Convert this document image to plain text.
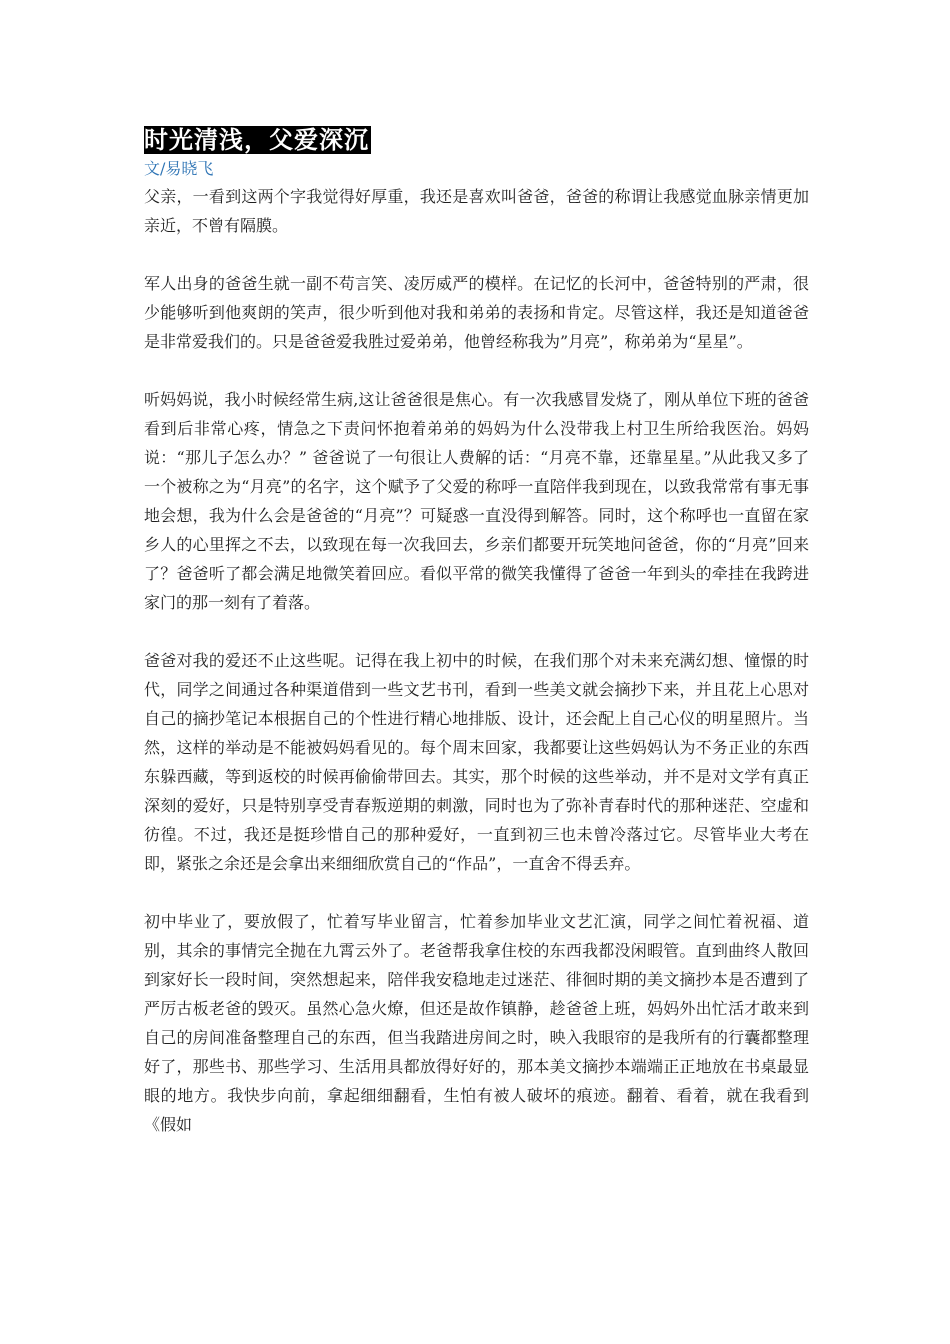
时光清浅，父爱深沉
文/易晓飞

父亲，一看到这两个字我觉得好厚重，我还是喜欢叫爸爸，爸爸的称谓让我感觉血脉亲情更加亲近，不曾有隔膜。

军人出身的爸爸生就一副不苟言笑、凌厉威严的模样。在记忆的长河中，爸爸特别的严肃，很少能够听到他爽朗的笑声，很少听到他对我和弟弟的表扬和肯定。尽管这样，我还是知道爸爸是非常爱我们的。只是爸爸爱我胜过爱弟弟，他曾经称我为”月亮”，称弟弟为“星星”。

听妈妈说，我小时候经常生病,这让爸爸很是焦心。有一次我感冒发烧了，刚从单位下班的爸爸看到后非常心疼，情急之下责问怀抱着弟弟的妈妈为什么没带我上村卫生所给我医治。妈妈说：“那儿子怎么办？” 爸爸说了一句很让人费解的话：“月亮不靠，还靠星星。”从此我又多了一个被称之为“月亮”的名字，这个赋予了父爱的称呼一直陪伴我到现在，以致我常常有事无事地会想，我为什么会是爸爸的“月亮”？可疑惑一直没得到解答。同时，这个称呼也一直留在家乡人的心里挥之不去，以致现在每一次我回去，乡亲们都要开玩笑地问爸爸，你的“月亮”回来了？爸爸听了都会满足地微笑着回应。看似平常的微笑我懂得了爸爸一年到头的牵挂在我跨进家门的那一刻有了着落。

爸爸对我的爱还不止这些呢。记得在我上初中的时候，在我们那个对未来充满幻想、憧憬的时代，同学之间通过各种渠道借到一些文艺书刊，看到一些美文就会摘抄下来，并且花上心思对自己的摘抄笔记本根据自己的个性进行精心地排版、设计，还会配上自己心仪的明星照片。当然，这样的举动是不能被妈妈看见的。每个周末回家，我都要让这些妈妈认为不务正业的东西东躲西藏，等到返校的时候再偷偷带回去。其实，那个时候的这些举动，并不是对文学有真正深刻的爱好，只是特别享受青春叛逆期的刺激，同时也为了弥补青春时代的那种迷茫、空虚和彷徨。不过，我还是挺珍惜自己的那种爱好，一直到初三也未曾冷落过它。尽管毕业大考在即，紧张之余还是会拿出来细细欣赏自己的“作品”，一直舍不得丢弃。

初中毕业了，要放假了，忙着写毕业留言，忙着参加毕业文艺汇演，同学之间忙着祝福、道别，其余的事情完全抛在九霄云外了。老爸帮我拿住校的东西我都没闲暇管。直到曲终人散回到家好长一段时间，突然想起来，陪伴我安稳地走过迷茫、徘徊时期的美文摘抄本是否遭到了严厉古板老爸的毁灭。虽然心急火燎，但还是故作镇静，趁爸爸上班，妈妈外出忙活才敢来到自己的房间准备整理自己的东西，但当我踏进房间之时，映入我眼帘的是我所有的行囊都整理好了，那些书、那些学习、生活用具都放得好好的，那本美文摘抄本端端正正地放在书桌最显眼的地方。我快步向前，拿起细细翻看，生怕有被人破坏的痕迹。翻着、看着，就在我看到《假如
